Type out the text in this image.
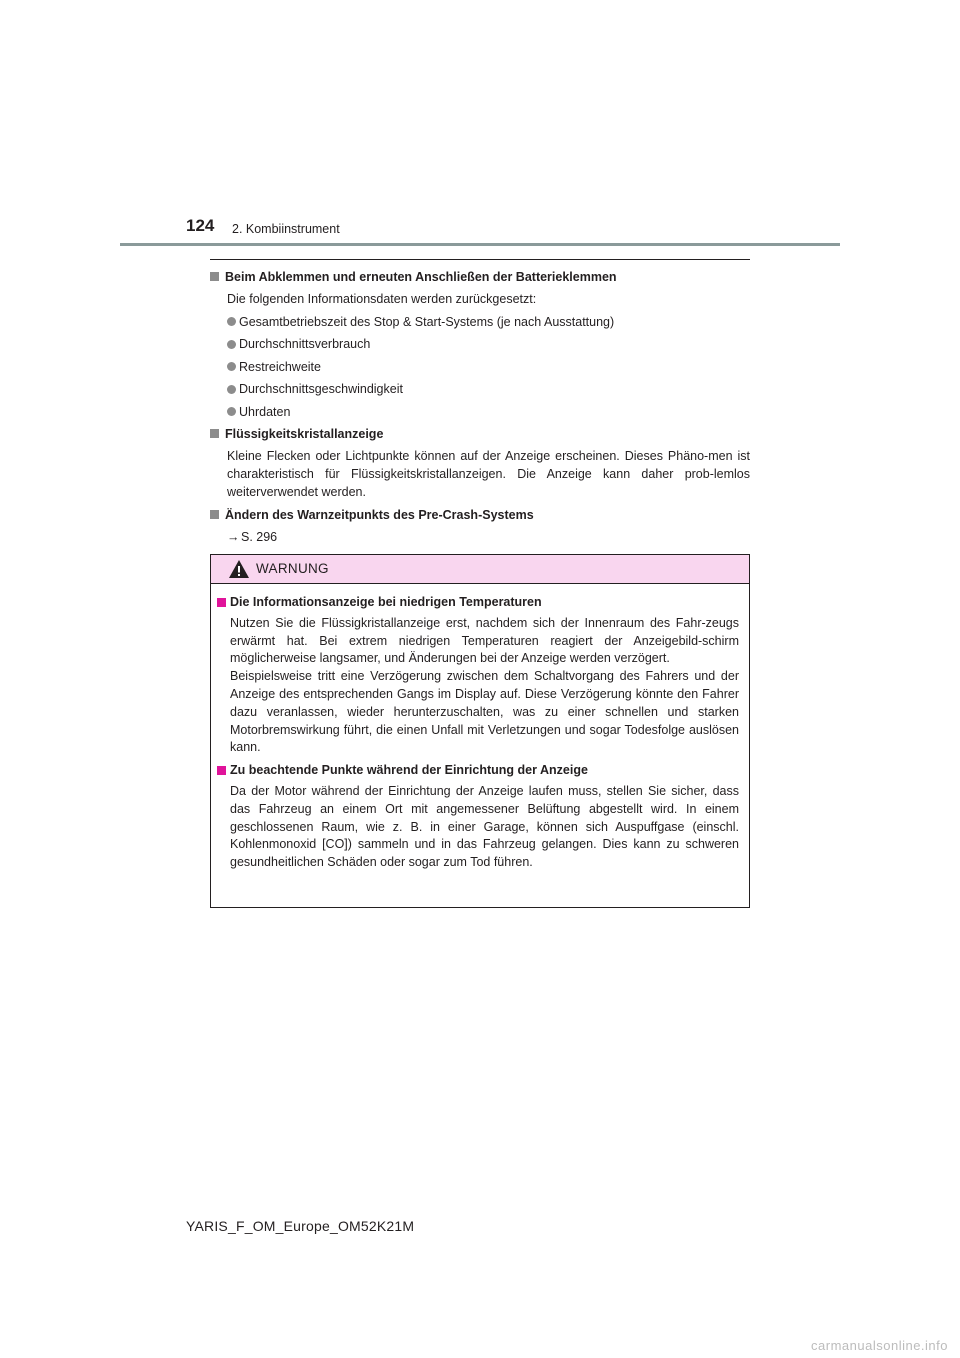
124 2. Kombiinstrument
Beim Abklemmen und erneuten Anschließen der Batterieklemmen
Die folgenden Informationsdaten werden zurückgesetzt:
Gesamtbetriebszeit des Stop & Start-Systems (je nach Ausstattung)
Durchschnittsverbrauch
Restreichweite
Durchschnittsgeschwindigkeit
Uhrdaten
Flüssigkeitskristallanzeige
Kleine Flecken oder Lichtpunkte können auf der Anzeige erscheinen. Dieses Phäno-men ist charakteristisch für Flüssigkeitskristallanzeigen. Die Anzeige kann daher prob-lemlos weiterverwendet werden.
Ändern des Warnzeitpunkts des Pre-Crash-Systems
→ S. 296
WARNUNG
Die Informationsanzeige bei niedrigen Temperaturen
Nutzen Sie die Flüssigkristallanzeige erst, nachdem sich der Innenraum des Fahr-zeugs erwärmt hat. Bei extrem niedrigen Temperaturen reagiert der Anzeigebild-schirm möglicherweise langsamer, und Änderungen bei der Anzeige werden verzögert.
Beispielsweise tritt eine Verzögerung zwischen dem Schaltvorgang des Fahrers und der Anzeige des entsprechenden Gangs im Display auf. Diese Verzögerung könnte den Fahrer dazu veranlassen, wieder herunterzuschalten, was zu einer schnellen und starken Motorbremswirkung führt, die einen Unfall mit Verletzungen und sogar Todesfolge auslösen kann.
Zu beachtende Punkte während der Einrichtung der Anzeige
Da der Motor während der Einrichtung der Anzeige laufen muss, stellen Sie sicher, dass das Fahrzeug an einem Ort mit angemessener Belüftung abgestellt wird. In einem geschlossenen Raum, wie z. B. in einer Garage, können sich Auspuffgase (einschl. Kohlenmonoxid [CO]) sammeln und in das Fahrzeug gelangen. Dies kann zu schweren gesundheitlichen Schäden oder sogar zum Tod führen.
YARIS_F_OM_Europe_OM52K21M
carmanualsonline.info
